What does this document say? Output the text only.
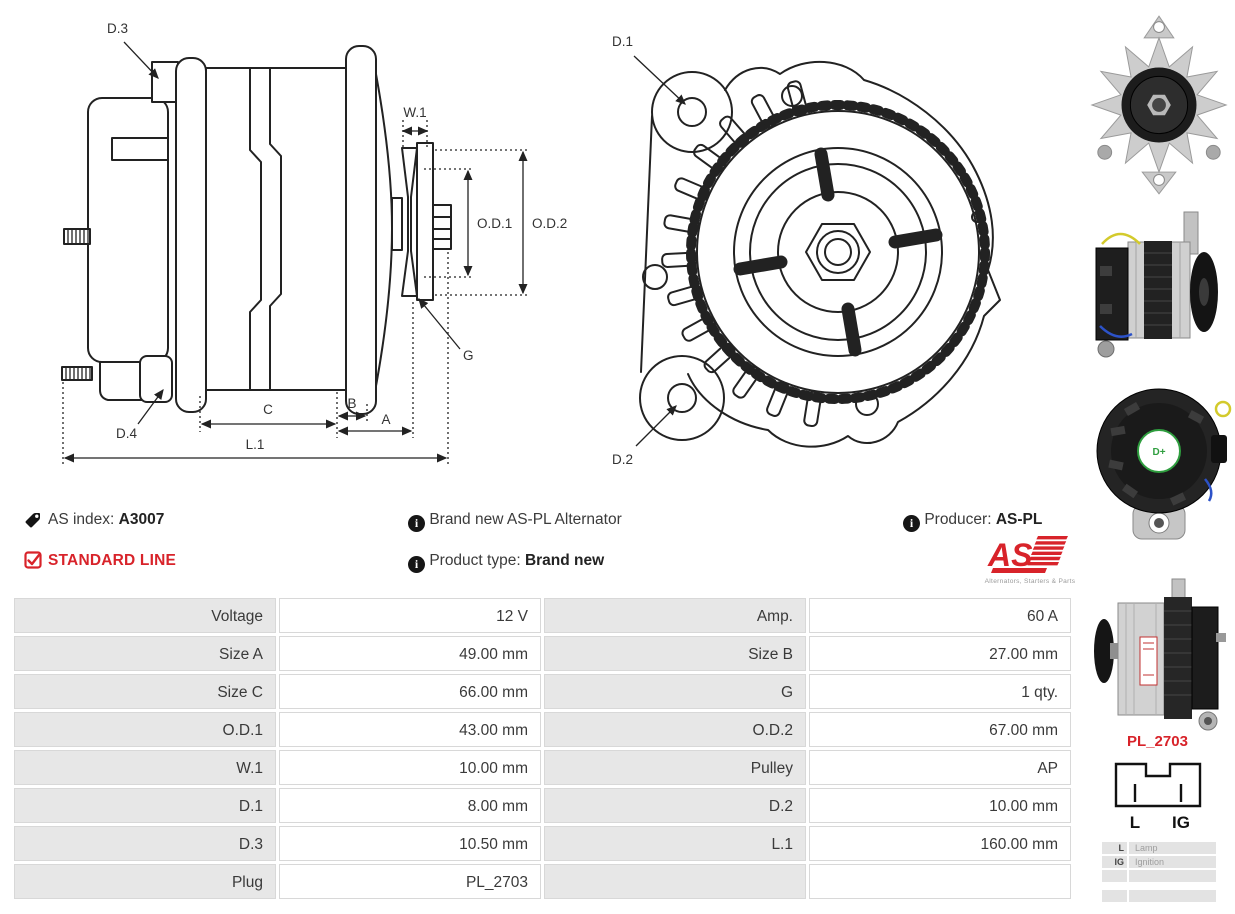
D.3
W.1
O.D.1 O.D.2
G
D.4
C	B
A
L.1
D.1
D.2	D+
AS index: A3007	i Brand new AS-PL Alternator	i Producer: AS-PL
STANDARD LINE	i Product type: Brand new	AS
Alternators, Starters & Parts
Voltage	12 V	Amp.	60 A
Size A	49.00 mm	Size B	27.00 mm
Size C	66.00 mm	G	1 qty.
O.D.1	43.00 mm	O.D.2	67.00 mm
W.1	10.00 mm	Pulley	AP
D.1	8.00 mm	D.2	10.00 mm
D.3	10.50 mm	L.1	160.00 mm
Plug	PL_2703
PL_2703
L IG
L	Lamp
IG	Ignition
